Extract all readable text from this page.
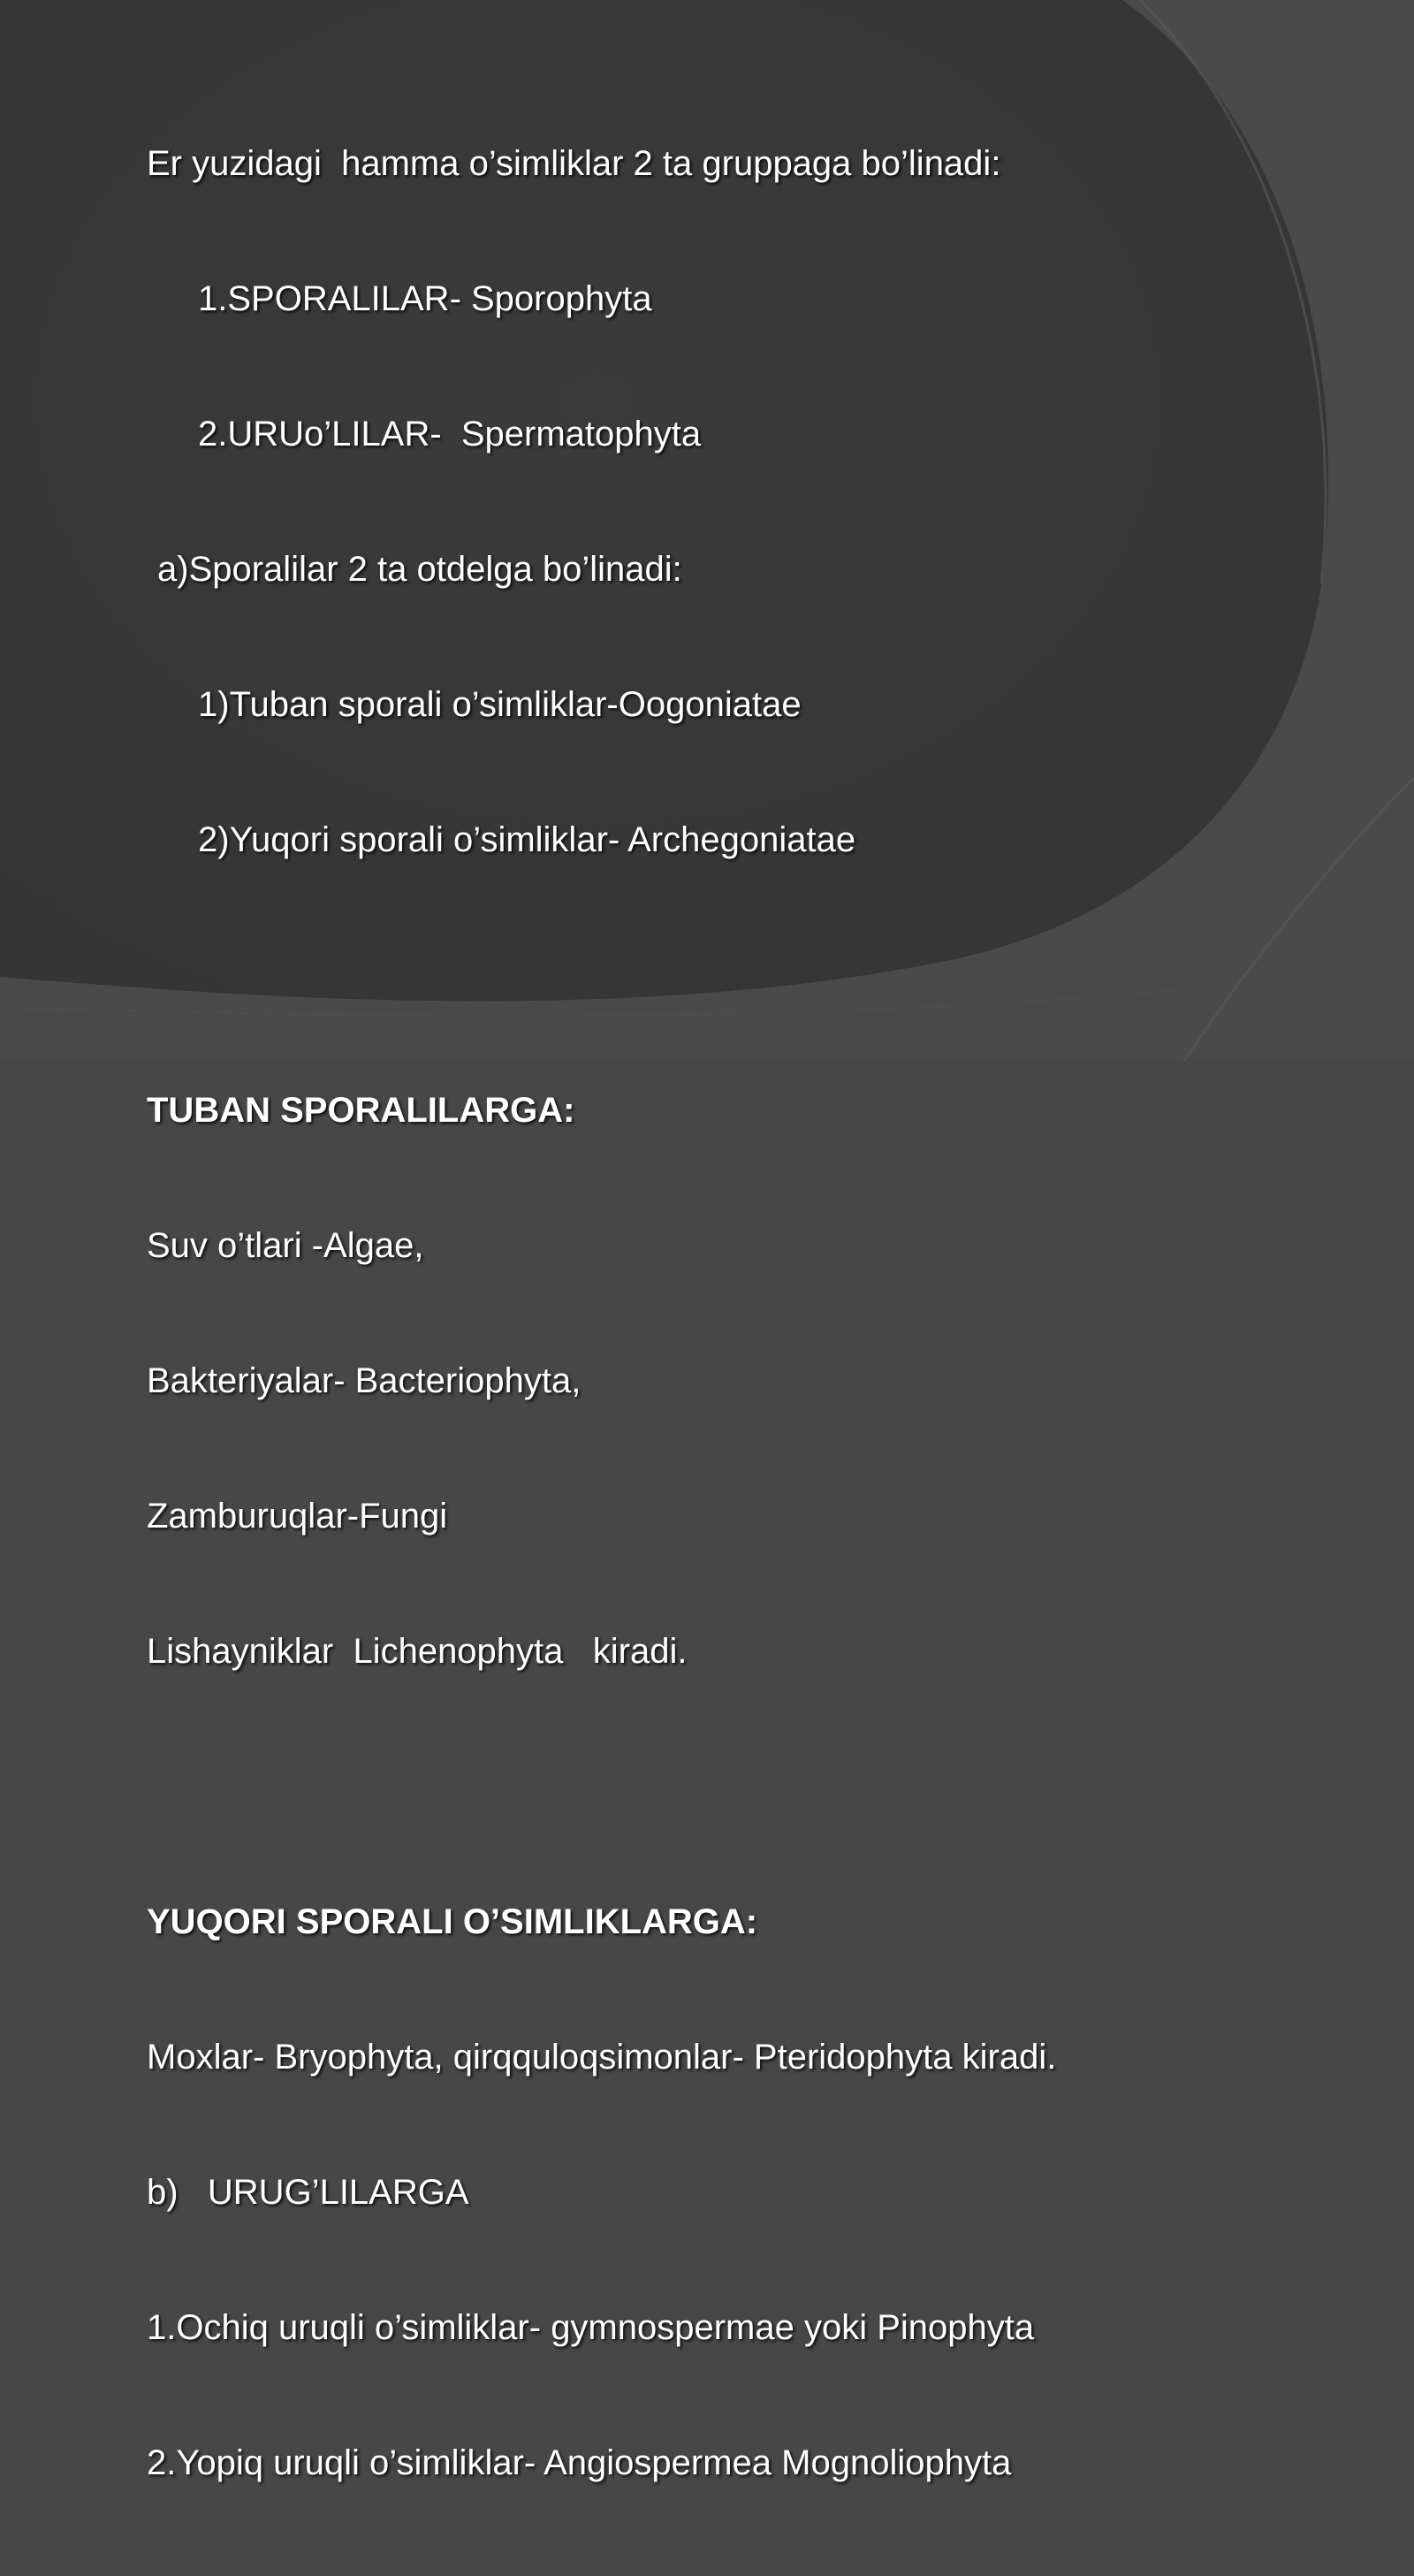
Er yuzidagi  hamma o’simliklar 2 ta gruppaga bo’linadi:

1.SPORALILAR- Sporophyta

2.URUo’LILAR-  Spermatophyta

a)Sporalilar 2 ta otdelga bo’linadi:

1)Tuban sporali o’simliklar-Oogoniatae

2)Yuqori sporali o’simliklar- Archegoniatae

TUBAN SPORALILARGA:

Suv o’tlari -Algae,

Bakteriyalar- Bacteriophyta,

Zamburuqlar-Fungi

Lishayniklar  Lichenophyta   kiradi.

YUQORI SPORALI O’SIMLIKLARGA:

Moxlar- Bryophyta, qirqquloqsimonlar- Pteridophyta kiradi.

b)   URUG’LILARGA

1.Ochiq uruqli o’simliklar- gymnospermae yoki Pinophyta

2.Yopiq uruqli o’simliklar- Angiospermea Mognoliophyta
